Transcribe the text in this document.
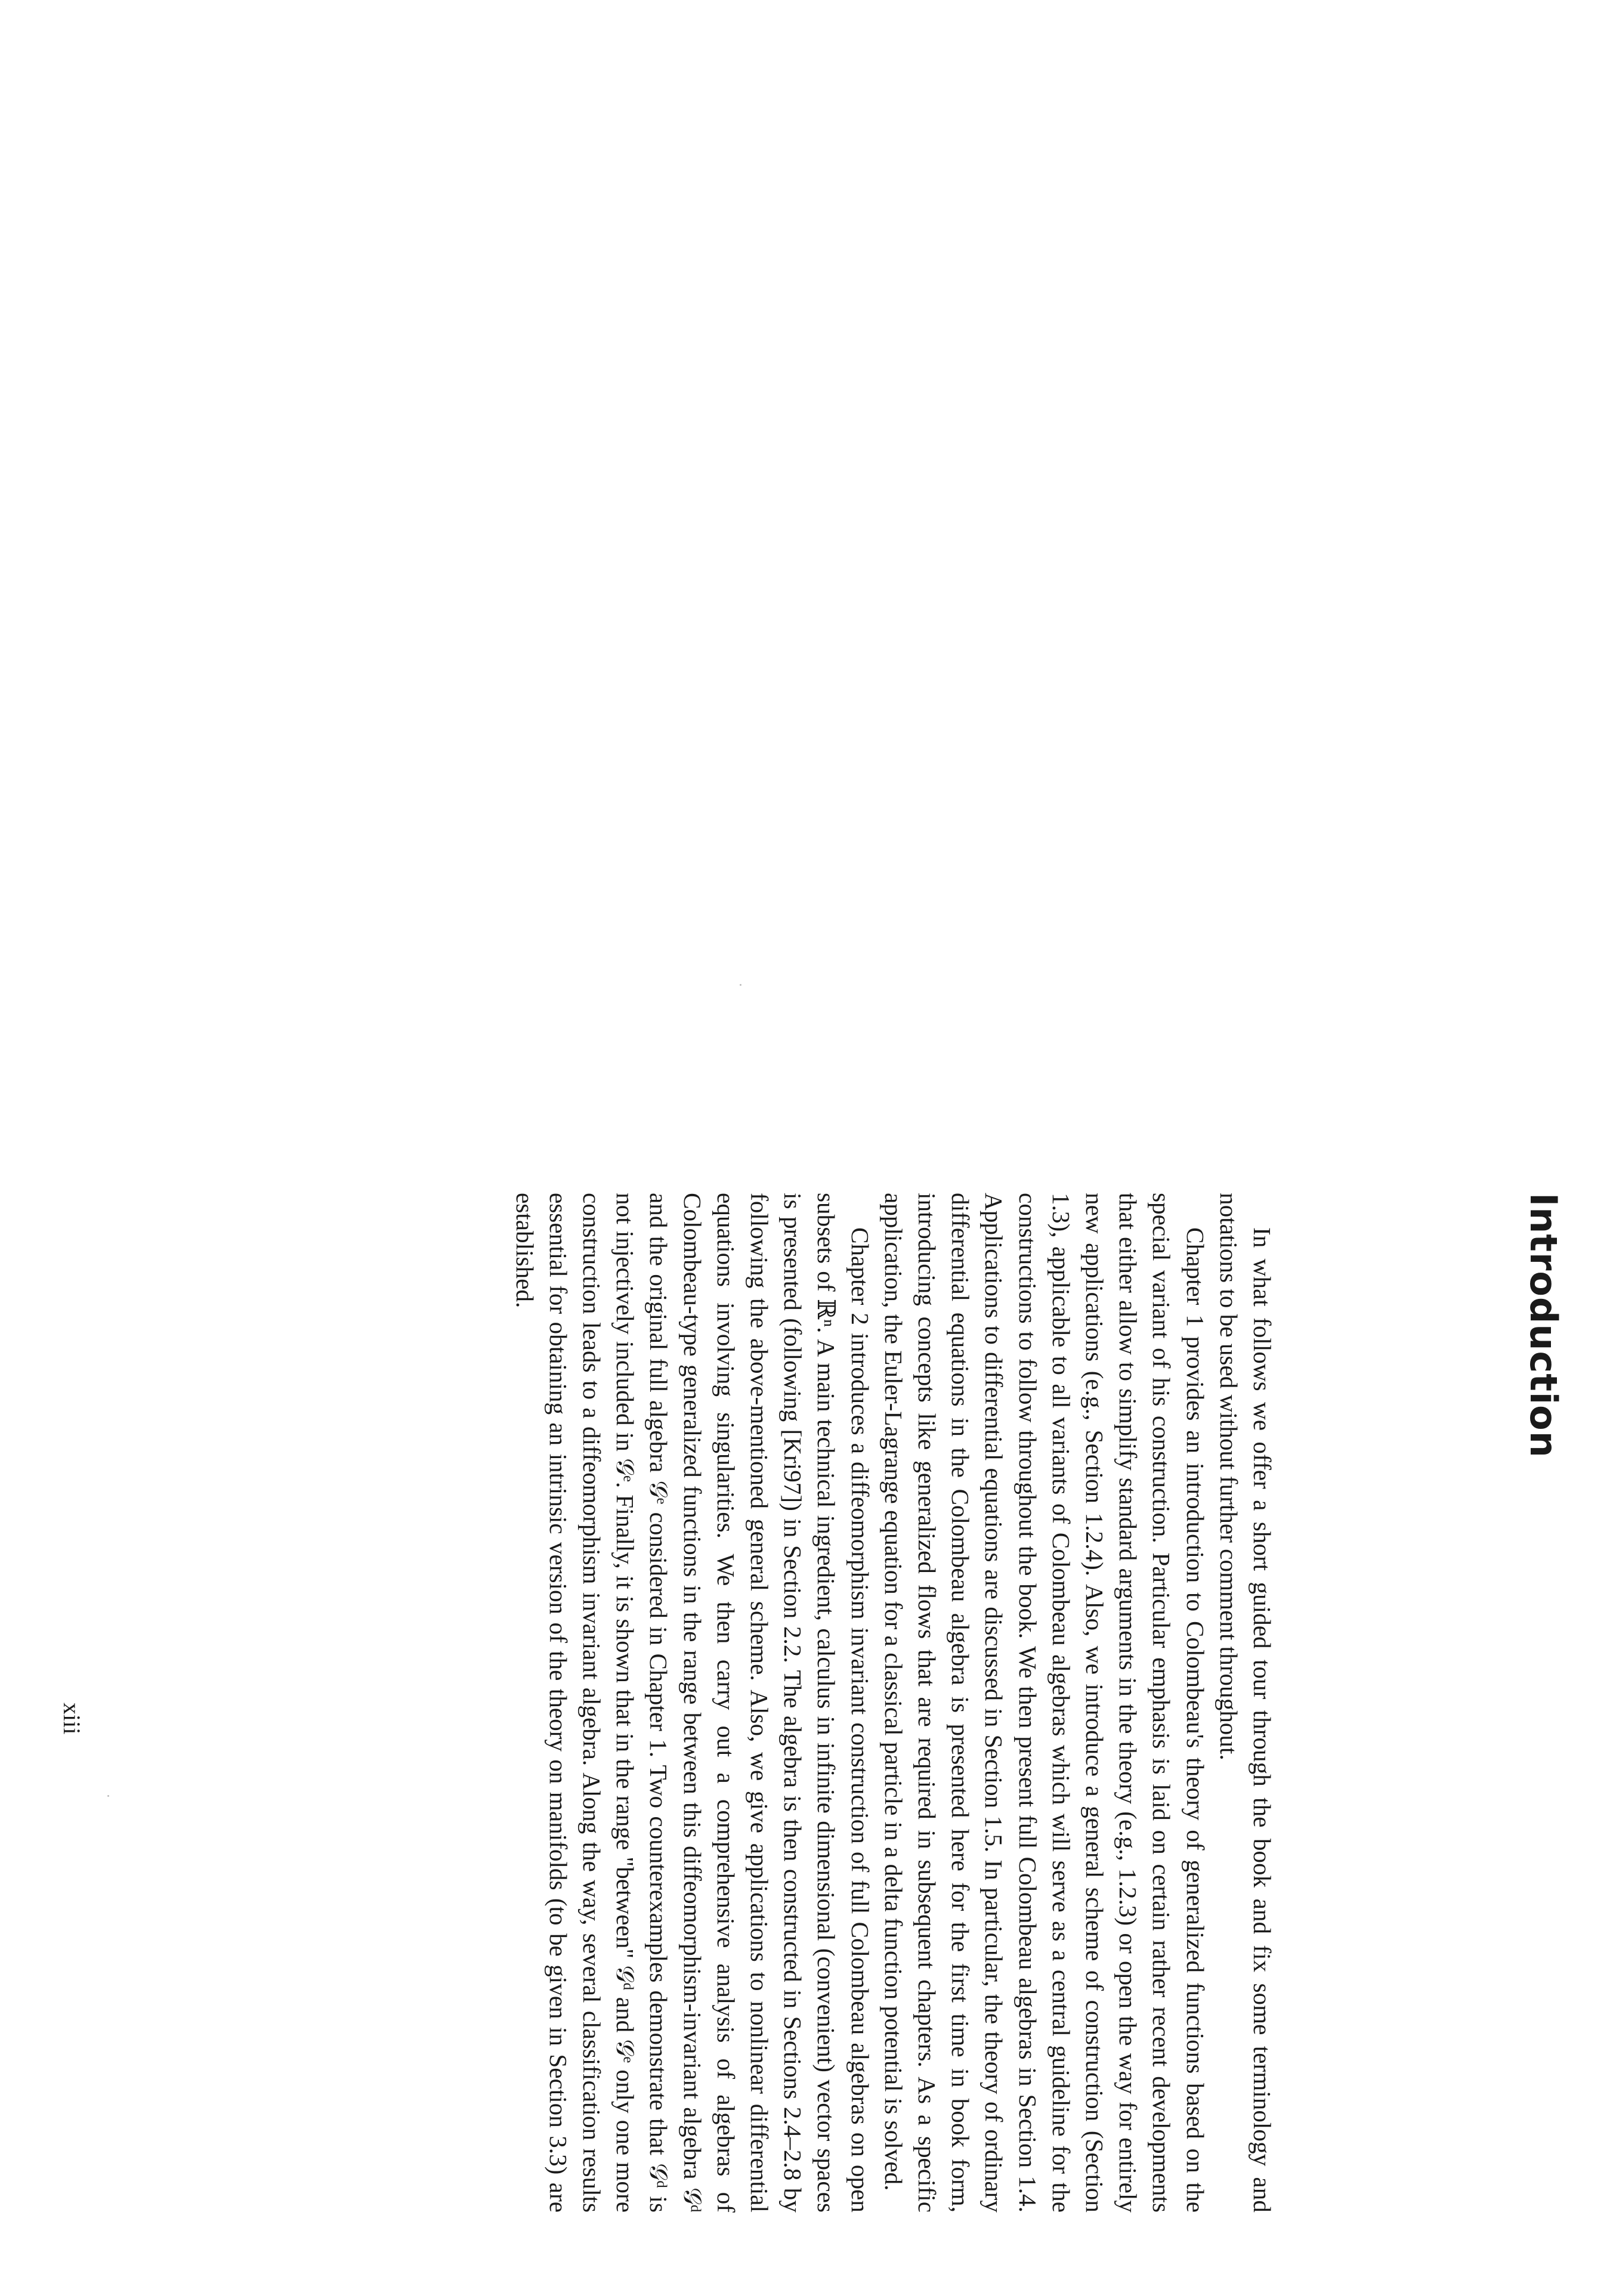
Introduction

In what follows we offer a short guided tour through the book and fix some terminology and notations to be used without further comment throughout.

Chapter 1 provides an introduction to Colombeau's theory of generalized functions based on the special variant of his construction. Particular emphasis is laid on certain rather recent developments that either allow to simplify standard arguments in the theory (e.g., 1.2.3) or open the way for entirely new applications (e.g., Section 1.2.4). Also, we introduce a general scheme of construction (Section 1.3), applicable to all variants of Colombeau algebras which will serve as a central guideline for the constructions to follow throughout the book. We then present full Colombeau algebras in Section 1.4. Applications to differential equations are discussed in Section 1.5. In particular, the theory of ordinary differential equations in the Colombeau algebra is presented here for the first time in book form, introducing concepts like generalized flows that are required in subsequent chapters. As a specific application, the Euler-Lagrange equation for a classical particle in a delta function potential is solved.

Chapter 2 introduces a diffeomorphism invariant construction of full Colombeau algebras on open subsets of ℝⁿ. A main technical ingredient, calculus in infinite dimensional (convenient) vector spaces is presented (following [Kri97]) in Section 2.2. The algebra is then constructed in Sections 2.4–2.8 by following the above-mentioned general scheme. Also, we give applications to nonlinear differential equations involving singularities. We then carry out a comprehensive analysis of algebras of Colombeau-type generalized functions in the range between this diffeomorphism-invariant algebra 𝒢ᵈ and the original full algebra 𝒢ᵉ considered in Chapter 1. Two counterexamples demonstrate that 𝒢ᵈ is not injectively included in 𝒢ᵉ. Finally, it is shown that in the range "between" 𝒢ᵈ and 𝒢ᵉ only one more construction leads to a diffeomorphism invariant algebra. Along the way, several classification results essential for obtaining an intrinsic version of the theory on manifolds (to be given in Section 3.3) are established.

xiii
